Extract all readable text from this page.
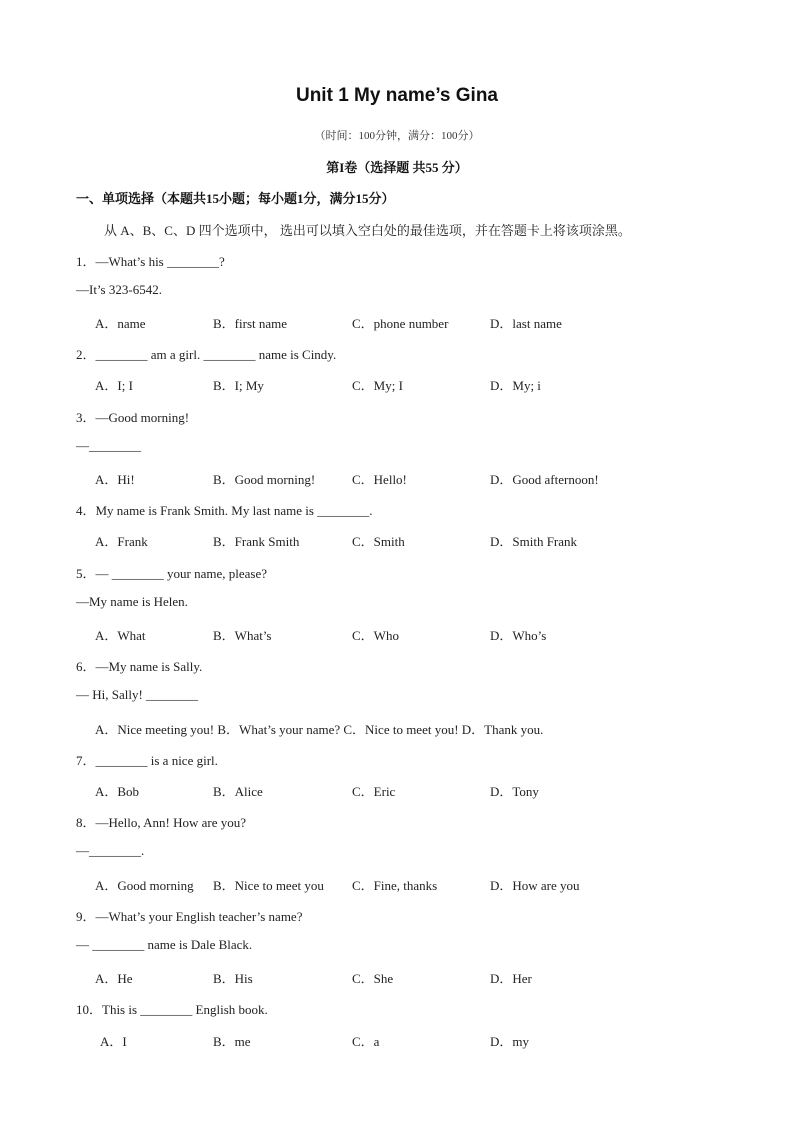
Unit 1 My name’s Gina
（时间：100分钟，满分：100分）
第I卷（选择题 共55 分）
一、单项选择（本题共15小题；每小题1分，满分15分）
从 A、B、C、D 四个选项中， 选出可以填入空白处的最佳选项，并在答题卡上将该项涂黑。
1．—What’s his ________?
—It’s 323-6542.
A．name	B．first name	C．phone number	D．last name
2．________ am a girl. ________ name is Cindy.
A．I; I	B．I; My	C．My; I	D．My; i
3．—Good morning!
—________
A．Hi!	B．Good morning!	C．Hello!	D．Good afternoon!
4．My name is Frank Smith. My last name is ________.
A．Frank	B．Frank Smith	C．Smith	D．Smith Frank
5．— ________ your name, please?
—My name is Helen.
A．What	B．What’s	C．Who	D．Who’s
6．—My name is Sally.
— Hi, Sally! ________
A．Nice meeting you! B．What’s your name? C．Nice to meet you! D．Thank you.
7．________ is a nice girl.
A．Bob	B．Alice	C．Eric	D．Tony
8．—Hello, Ann! How are you?
—________.
A．Good morning B．Nice to meet you C．Fine, thanks	D．How are you
9．—What’s your English teacher’s name?
— ________ name is Dale Black.
A．He	B．His	C．She	D．Her
10．This is ________ English book.
A．I	B．me	C．a	D．my
